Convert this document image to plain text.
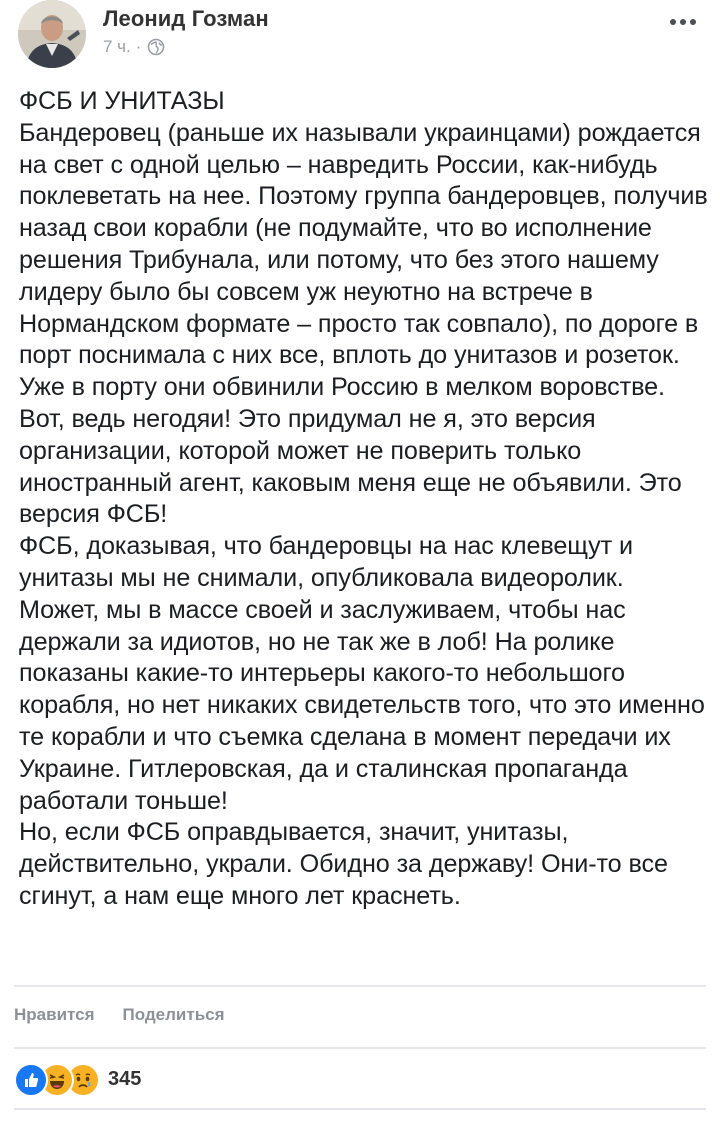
Леонид Гозман
7 ч. ·
ФСБ И УНИТАЗЫ
Бандеровец (раньше их называли украинцами) рождается на свет с одной целью – навредить России, как-нибудь поклеветать на нее. Поэтому группа бандеровцев, получив назад свои корабли (не подумайте, что во исполнение решения Трибунала, или потому, что без этого нашему лидеру было бы совсем уж неуютно на встрече в Нормандском формате – просто так совпало), по дороге в порт поснимала с них все, вплоть до унитазов и розеток. Уже в порту они обвинили Россию в мелком воровстве. Вот, ведь негодяи! Это придумал не я, это версия организации, которой может не поверить только иностранный агент, каковым меня еще не объявили. Это версия ФСБ!
ФСБ, доказывая, что бандеровцы на нас клевещут и унитазы мы не снимали, опубликовала видеоролик. Может, мы в массе своей и заслуживаем, чтобы нас держали за идиотов, но не так же в лоб! На ролике показаны какие-то интерьеры какого-то небольшого корабля, но нет никаких свидетельств того, что это именно те корабли и что съемка сделана в момент передачи их Украине. Гитлеровская, да и сталинская пропаганда работали тоньше!
Но, если ФСБ оправдывается, значит, унитазы, действительно, украли. Обидно за державу! Они-то все сгинут, а нам еще много лет краснеть.
Нравится Поделиться
345
